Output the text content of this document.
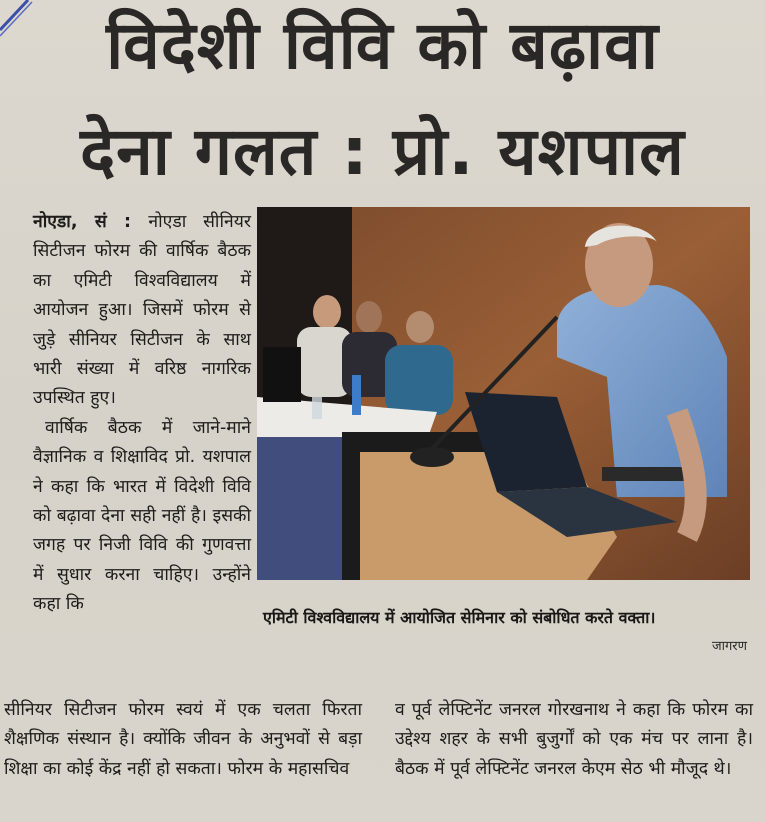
विदेशी विवि को बढ़ावा
देना गलत : प्रो. यशपाल

नोएडा, सं : नोएडा सीनियर सिटीजन फोरम की वार्षिक बैठक का एमिटी विश्वविद्यालय में आयोजन हुआ। जिसमें फोरम से जुड़े सीनियर सिटीजन के साथ भारी संख्या में वरिष्ठ नागरिक उपस्थित हुए।

वार्षिक बैठक में जाने-माने वैज्ञानिक व शिक्षाविद प्रो. यशपाल ने कहा कि भारत में विदेशी विवि को बढ़ावा देना सही नहीं है। इसकी जगह पर निजी विवि की गुणवत्ता में सुधार करना चाहिए। उन्होंने कहा कि

एमिटी विश्वविद्यालय में आयोजित सेमिनार को संबोधित करते वक्ता।
जागरण

सीनियर सिटीजन फोरम स्वयं में एक चलता फिरता शैक्षणिक संस्थान है। क्योंकि जीवन के अनुभवों से बड़ा शिक्षा का कोई केंद्र नहीं हो सकता। फोरम के महासचिव

व पूर्व लेफ्टिनेंट जनरल गोरखनाथ ने कहा कि फोरम का उद्देश्य शहर के सभी बुजुर्गों को एक मंच पर लाना है। बैठक में पूर्व लेफ्टिनेंट जनरल केएम सेठ भी मौजूद थे।
